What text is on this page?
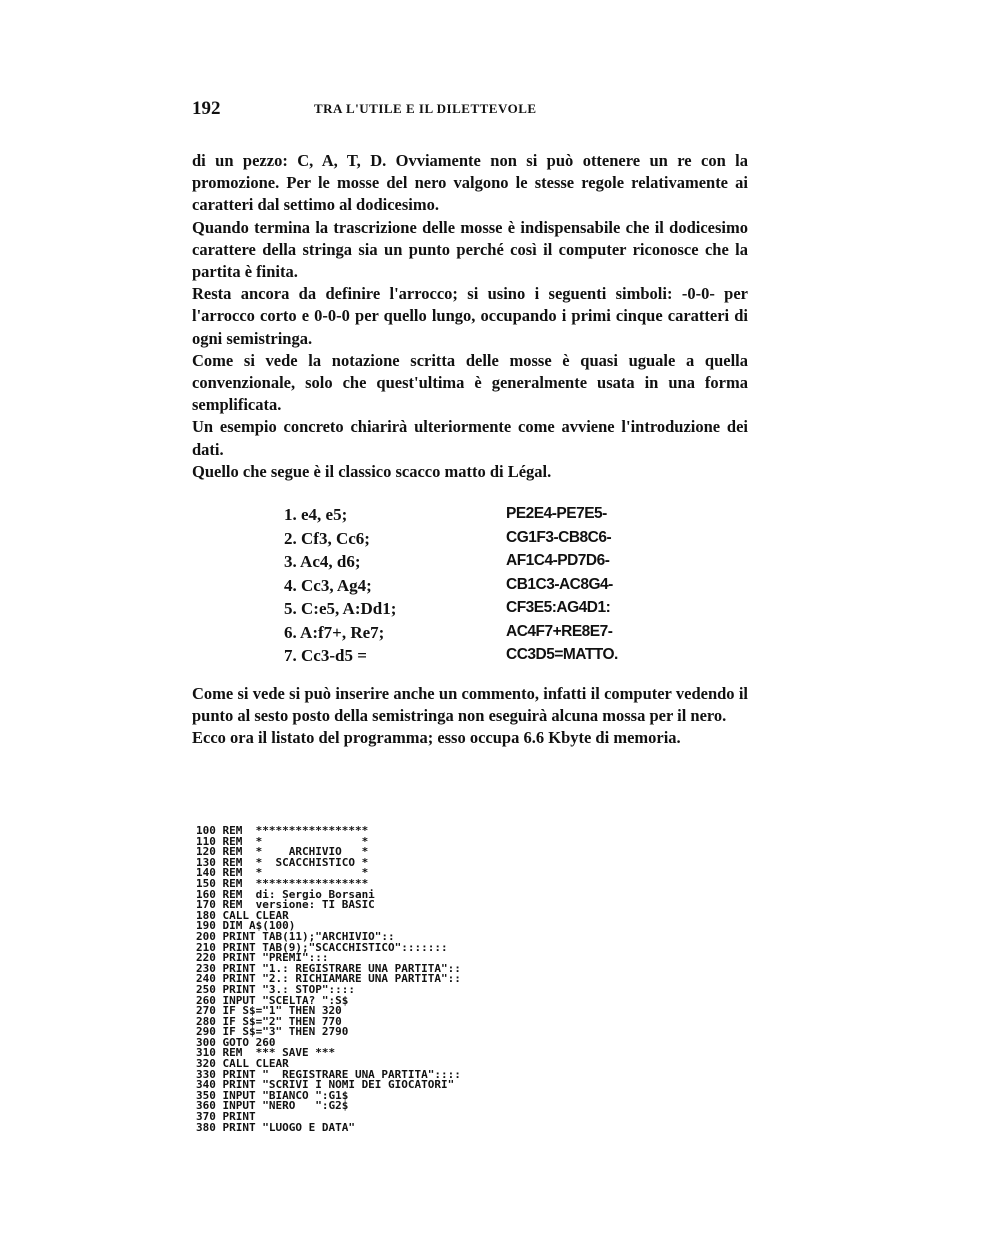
192	TRA L'UTILE E IL DILETTEVOLE

di un pezzo: C, A, T, D. Ovviamente non si può ottenere un re con la promozione. Per le mosse del nero valgono le stesse regole relativamente ai caratteri dal settimo al dodicesimo.

Quando termina la trascrizione delle mosse è indispensabile che il dodicesimo carattere della stringa sia un punto perché così il computer riconosce che la partita è finita.

Resta ancora da definire l'arrocco; si usino i seguenti simboli: -0-0- per l'arrocco corto e 0-0-0 per quello lungo, occupando i primi cinque caratteri di ogni semistringa.

Come si vede la notazione scritta delle mosse è quasi uguale a quella convenzionale, solo che quest'ultima è generalmente usata in una forma semplificata.

Un esempio concreto chiarirà ulteriormente come avviene l'introduzione dei dati.

Quello che segue è il classico scacco matto di Légal.

1. e4, e5;	PE2E4-PE7E5-
2. Cf3, Cc6;	CG1F3-CB8C6-
3. Ac4, d6;	AF1C4-PD7D6-
4. Cc3, Ag4;	CB1C3-AC8G4-
5. C:e5, A:Dd1;	CF3E5:AG4D1:
6. A:f7+, Re7;	AC4F7+RE8E7-
7. Cc3-d5 =	CC3D5=MATTO.

Come si vede si può inserire anche un commento, infatti il computer vedendo il punto al sesto posto della semistringa non eseguirà alcuna mossa per il nero.

Ecco ora il listato del programma; esso occupa 6.6 Kbyte di memoria.

100 REM  *****************
110 REM  *               *
120 REM  *    ARCHIVIO   *
130 REM  *  SCACCHISTICO *
140 REM  *               *
150 REM  *****************
160 REM  di: Sergio Borsani
170 REM  versione: TI BASIC
180 CALL CLEAR
190 DIM A$(100)
200 PRINT TAB(11);"ARCHIVIO"::
210 PRINT TAB(9);"SCACCHISTICO":::::::
220 PRINT "PREMI":::
230 PRINT "1.: REGISTRARE UNA PARTITA"::
240 PRINT "2.: RICHIAMARE UNA PARTITA"::
250 PRINT "3.: STOP"::::
260 INPUT "SCELTA? ":S$
270 IF S$="1" THEN 320
280 IF S$="2" THEN 770
290 IF S$="3" THEN 2790
300 GOTO 260
310 REM  *** SAVE ***
320 CALL CLEAR
330 PRINT "  REGISTRARE UNA PARTITA"::::
340 PRINT "SCRIVI I NOMI DEI GIOCATORI"
350 INPUT "BIANCO ":G1$
360 INPUT "NERO   ":G2$
370 PRINT
380 PRINT "LUOGO E DATA"
